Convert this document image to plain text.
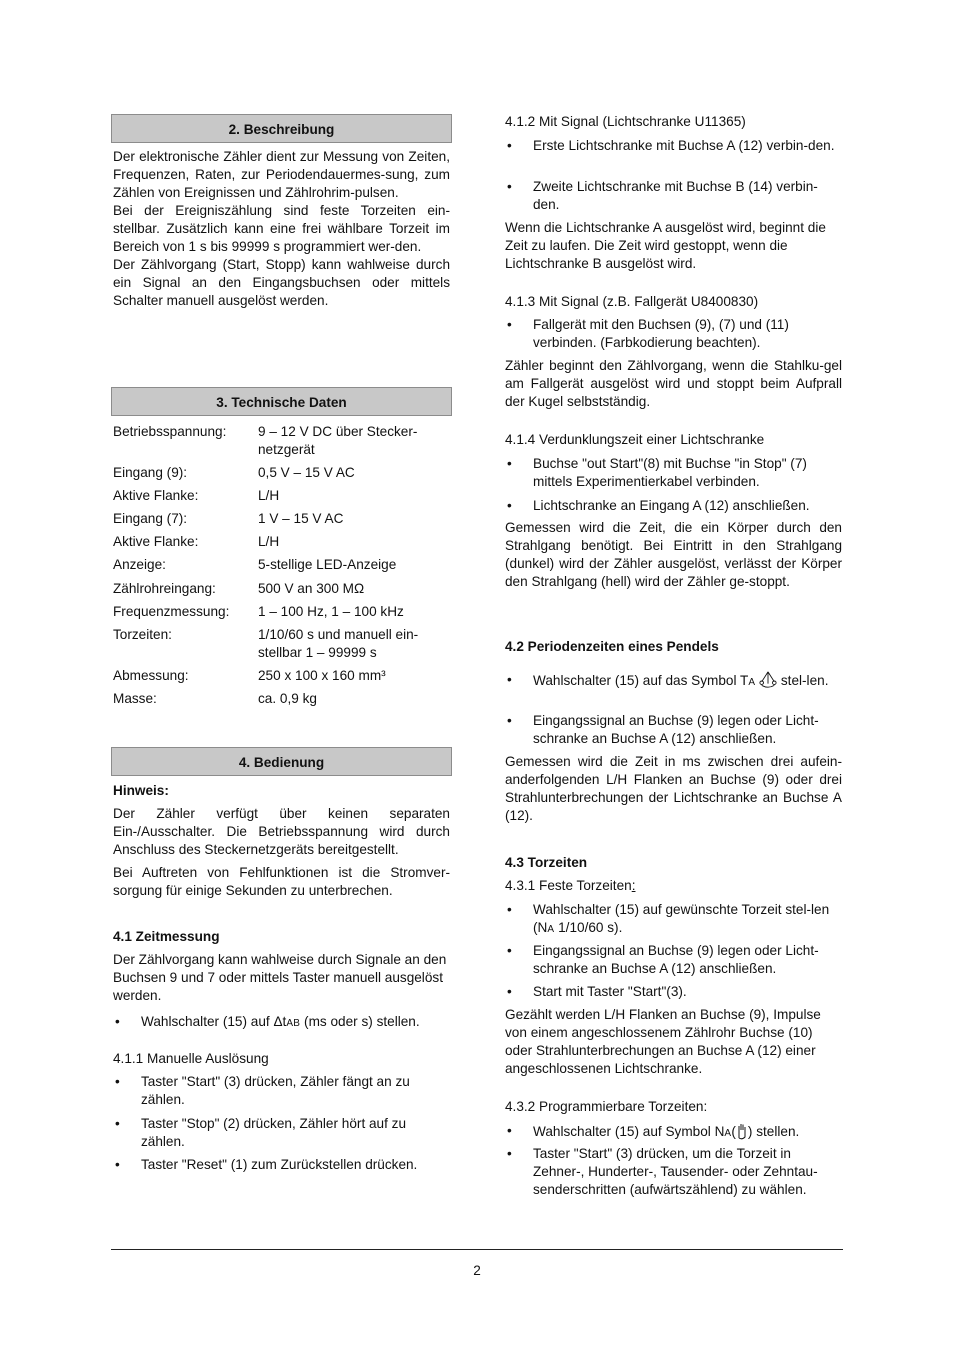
2. Beschreibung

Der elektronische Zähler dient zur Messung von Zeiten, Frequenzen, Raten, zur Periodendauermes-sung, zum Zählen von Ereignissen und Zählrohrim-pulsen.

Bei der Ereigniszählung sind feste Torzeiten ein-stellbar. Zusätzlich kann eine frei wählbare Torzeit im Bereich von 1 s bis 99999 s programmiert wer-den.

Der Zählvorgang (Start, Stopp) kann wahlweise durch ein Signal an den Eingangsbuchsen oder mittels Schalter manuell ausgelöst werden.

3. Technische Daten
Betriebsspannung:	9 – 12 V DC über Stecker-netzgerät
Eingang (9):	0,5 V – 15 V AC
Aktive Flanke:	L/H
Eingang (7):	1 V – 15 V AC
Aktive Flanke:	L/H
Anzeige:	5-stellige LED-Anzeige
Zählrohreingang:	500 V an 300 MΩ
Frequenzmessung:	1 – 100 Hz, 1 – 100 kHz
Torzeiten:	1/10/60 s und manuell ein-stellbar 1 – 99999 s
Abmessung:	250 x 100 x 160 mm³
Masse:	ca. 0,9 kg
4. Bedienung

Hinweis:

Der Zähler verfügt über keinen separaten Ein-/Ausschalter. Die Betriebsspannung wird durch Anschluss des Steckernetzgeräts bereitgestellt.

Bei Auftreten von Fehlfunktionen ist die Stromver-sorgung für einige Sekunden zu unterbrechen.

4.1 Zeitmessung

Der Zählvorgang kann wahlweise durch Signale an den Buchsen 9 und 7 oder mittels Taster manuell ausgelöst werden.

•	Wahlschalter (15) auf ΔtAB (ms oder s) stellen.
4.1.1 Manuelle Auslösung
•	Taster "Start" (3) drücken, Zähler fängt an zu zählen.
•	Taster "Stop" (2) drücken, Zähler hört auf zu zählen.
•	Taster "Reset" (1) zum Zurückstellen drücken.
4.1.2 Mit Signal (Lichtschranke U11365)
•	Erste Lichtschranke mit Buchse A (12) verbin-den.
•	Zweite Lichtschranke mit Buchse B (14) verbin-den.

Wenn die Lichtschranke A ausgelöst wird, beginnt die Zeit zu laufen. Die Zeit wird gestoppt, wenn die Lichtschranke B ausgelöst wird.

4.1.3 Mit Signal (z.B. Fallgerät U8400830)
•	Fallgerät mit den Buchsen (9), (7) und (11) verbinden. (Farbkodierung beachten).

Zähler beginnt den Zählvorgang, wenn die Stahlku-gel am Fallgerät ausgelöst wird und stoppt beim Aufprall der Kugel selbstständig.

4.1.4 Verdunklungszeit einer Lichtschranke
•	Buchse "out Start"(8) mit Buchse "in Stop" (7) mittels Experimentierkabel verbinden.
•	Lichtschranke an Eingang A (12) anschließen.

Gemessen wird die Zeit, die ein Körper durch den Strahlgang benötigt. Bei Eintritt in den Strahlgang (dunkel) wird der Zähler ausgelöst, verlässt der Körper den Strahlgang (hell) wird der Zähler ge-stoppt.

4.2 Periodenzeiten eines Pendels
•	Wahlschalter (15) auf das Symbol TA  stel-len.
•	Eingangssignal an Buchse (9) legen oder Licht-schranke an Buchse A (12) anschließen.

Gemessen wird die Zeit in ms zwischen drei aufein-anderfolgenden L/H Flanken an Buchse (9) oder drei Strahlunterbrechungen der Lichtschranke an Buchse A (12).

4.3 Torzeiten
4.3.1 Feste Torzeiten:
•	Wahlschalter (15) auf gewünschte Torzeit stel-len (NA 1/10/60 s).
•	Eingangssignal an Buchse (9) legen oder Licht-schranke an Buchse A (12) anschließen.
•	Start mit Taster "Start"(3).

Gezählt werden L/H Flanken an Buchse (9), Impulse von einem angeschlossenem Zählrohr Buchse (10) oder Strahlunterbrechungen an Buchse A (12) einer angeschlossenen Lichtschranke.

4.3.2 Programmierbare Torzeiten:
•	Wahlschalter (15) auf Symbol NA( ) stellen.
•	Taster "Start" (3) drücken, um die Torzeit in Zehner-, Hunderter-, Tausender- oder Zehntau-senderschritten (aufwärtszählend) zu wählen.
2
